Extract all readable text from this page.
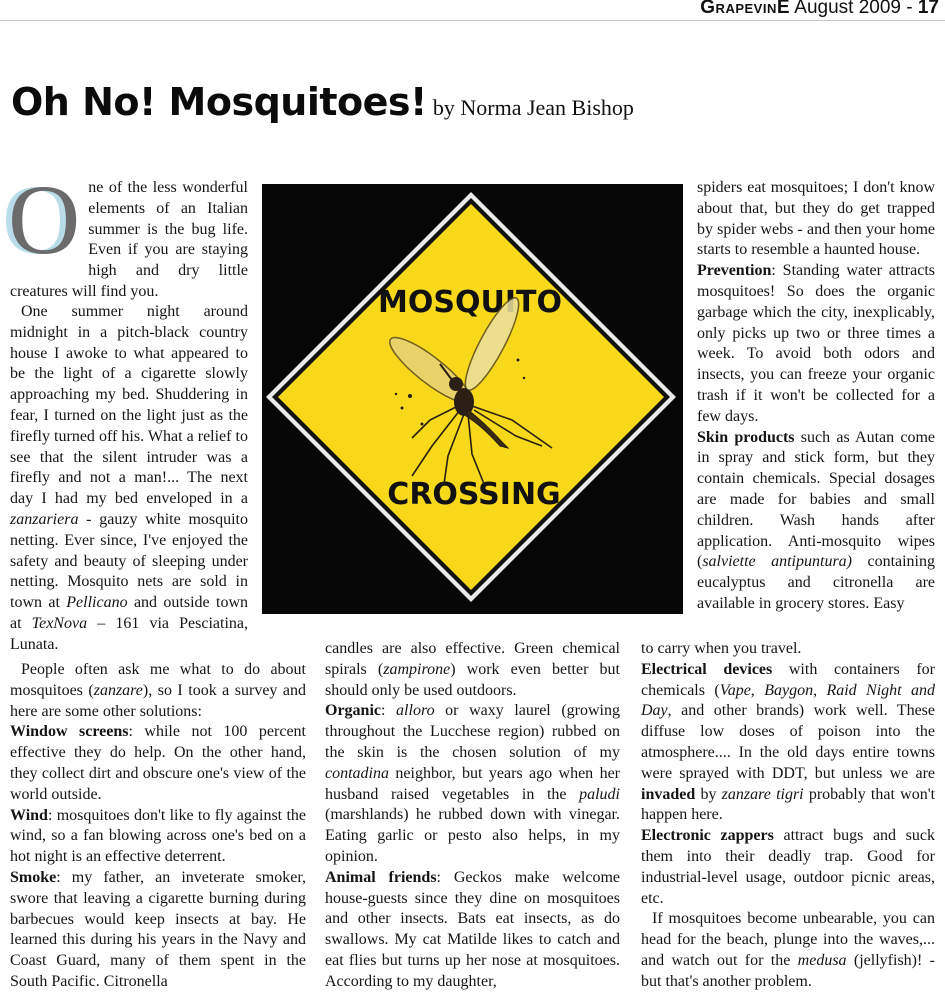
GrapevinE August 2009 - 17
Oh No! Mosquitoes! by Norma Jean Bishop

One of the less wonderful elements of an Italian summer is the bug life. Even if you are staying high and dry little creatures will find you.

One summer night around midnight in a pitch-black country house I awoke to what appeared to be the light of a cigarette slowly approaching my bed. Shuddering in fear, I turned on the light just as the firefly turned off his. What a relief to see that the silent intruder was a firefly and not a man!... The next day I had my bed enveloped in a zanzariera - gauzy white mosquito netting. Ever since, I've enjoyed the safety and beauty of sleeping under netting. Mosquito nets are sold in town at Pellicano and outside town at TexNova – 161 via Pesciatina, Lunata.

People often ask me what to do about mosquitoes (zanzare), so I took a survey and here are some other solutions:

Window screens: while not 100 percent effective they do help. On the other hand, they collect dirt and obscure one's view of the world outside.

Wind: mosquitoes don't like to fly against the wind, so a fan blowing across one's bed on a hot night is an effective deterrent.

Smoke: my father, an inveterate smoker, swore that leaving a cigarette burning during barbecues would keep insects at bay. He learned this during his years in the Navy and Coast Guard, many of them spent in the South Pacific. Citronella

MOSQUITO
CROSSING

candles are also effective. Green chemical spirals (zampirone) work even better but should only be used outdoors.

Organic: alloro or waxy laurel (growing throughout the Lucchese region) rubbed on the skin is the chosen solution of my contadina neighbor, but years ago when her husband raised vegetables in the paludi (marshlands) he rubbed down with vinegar. Eating garlic or pesto also helps, in my opinion.

Animal friends: Geckos make welcome house-guests since they dine on mosquitoes and other insects. Bats eat insects, as do swallows. My cat Matilde likes to catch and eat flies but turns up her nose at mosquitoes. According to my daughter,

spiders eat mosquitoes; I don't know about that, but they do get trapped by spider webs - and then your home starts to resemble a haunted house.

Prevention: Standing water attracts mosquitoes! So does the organic garbage which the city, inexplicably, only picks up two or three times a week. To avoid both odors and insects, you can freeze your organic trash if it won't be collected for a few days.

Skin products such as Autan come in spray and stick form, but they contain chemicals. Special dosages are made for babies and small children. Wash hands after application. Anti-mosquito wipes (salviette antipuntura) containing eucalyptus and citronella are available in grocery stores. Easy

to carry when you travel.

Electrical devices with containers for chemicals (Vape, Baygon, Raid Night and Day, and other brands) work well. These diffuse low doses of poison into the atmosphere.... In the old days entire towns were sprayed with DDT, but unless we are invaded by zanzare tigri probably that won't happen here.

Electronic zappers attract bugs and suck them into their deadly trap. Good for industrial-level usage, outdoor picnic areas, etc.

If mosquitoes become unbearable, you can head for the beach, plunge into the waves,... and watch out for the medusa (jellyfish)! - but that's another problem.
